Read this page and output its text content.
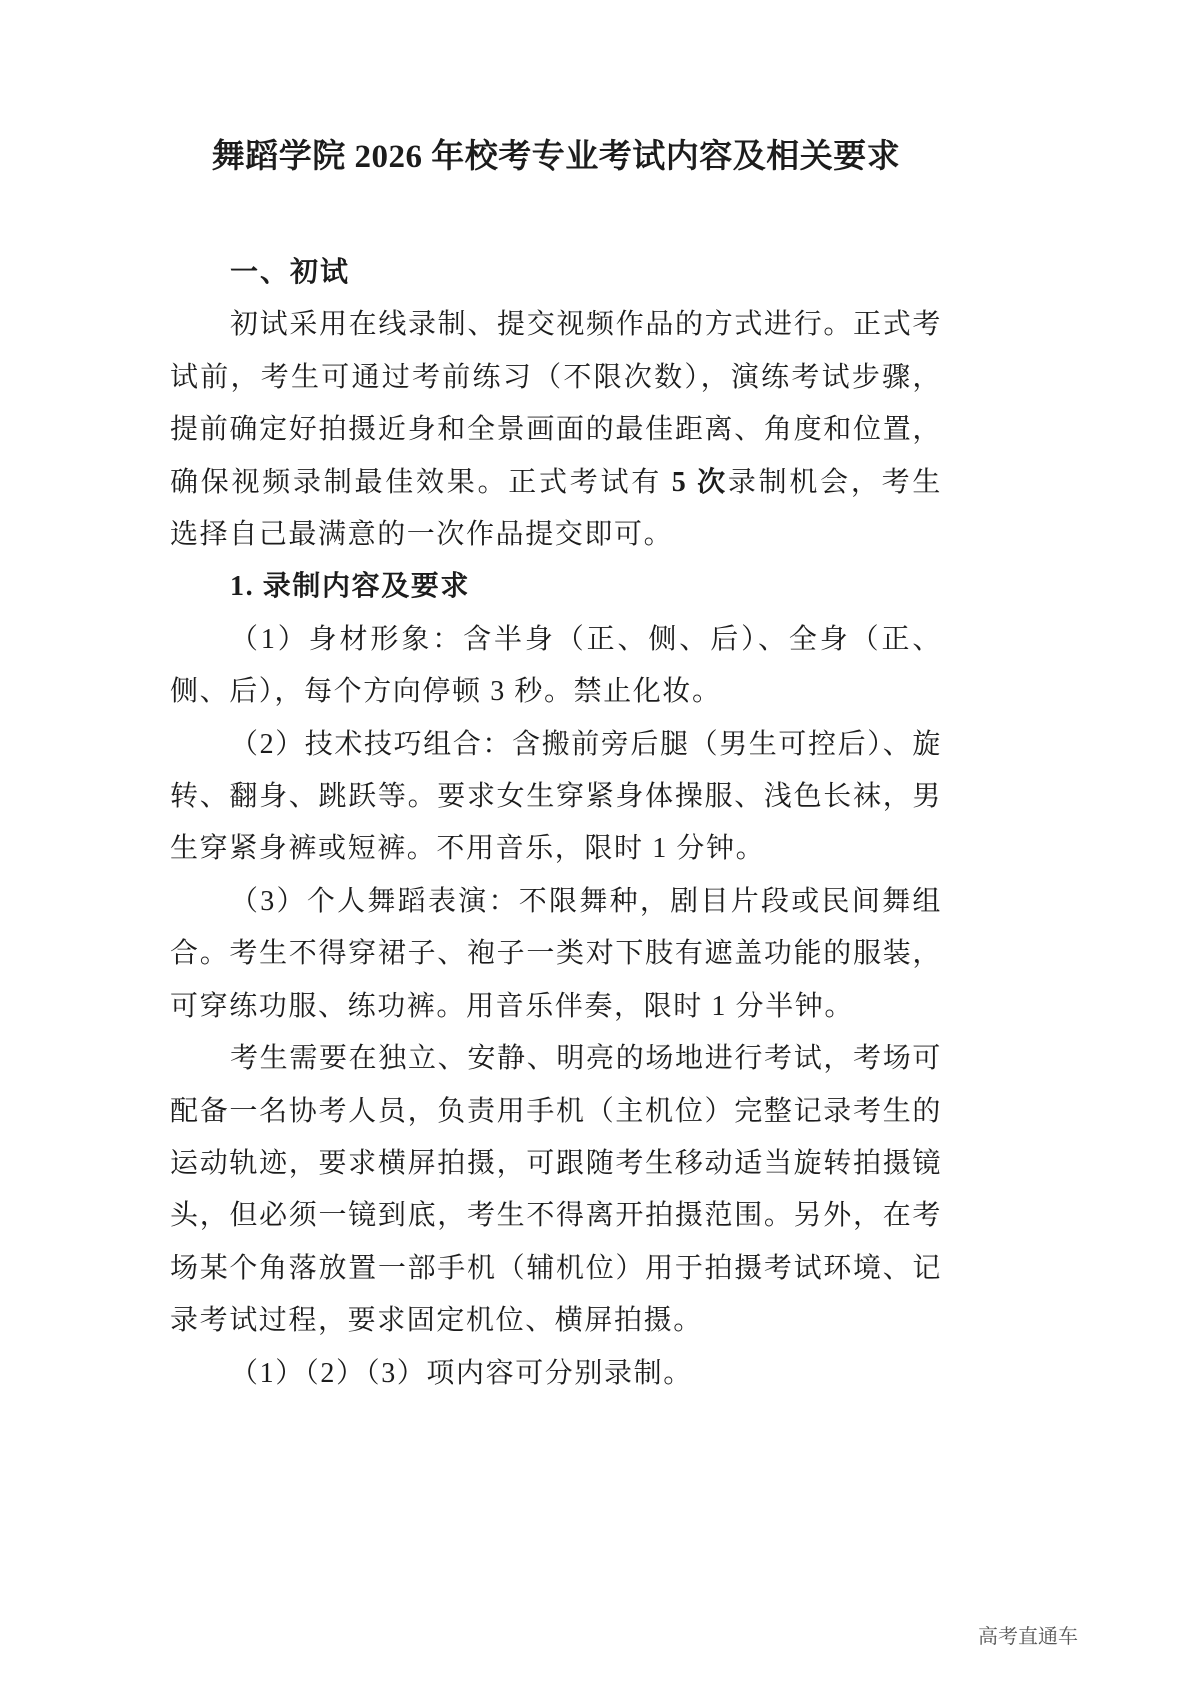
舞蹈学院 2026 年校考专业考试内容及相关要求

一、初试

初试采用在线录制、提交视频作品的方式进行。正式考试前，考生可通过考前练习（不限次数），演练考试步骤，提前确定好拍摄近身和全景画面的最佳距离、角度和位置，确保视频录制最佳效果。正式考试有 5 次录制机会，考生选择自己最满意的一次作品提交即可。

1. 录制内容及要求

（1）身材形象：含半身（正、侧、后）、全身（正、侧、后），每个方向停顿 3 秒。禁止化妆。

（2）技术技巧组合：含搬前旁后腿（男生可控后）、旋转、翻身、跳跃等。要求女生穿紧身体操服、浅色长袜，男生穿紧身裤或短裤。不用音乐，限时 1 分钟。

（3）个人舞蹈表演：不限舞种，剧目片段或民间舞组合。考生不得穿裙子、袍子一类对下肢有遮盖功能的服装，可穿练功服、练功裤。用音乐伴奏，限时 1 分半钟。

考生需要在独立、安静、明亮的场地进行考试，考场可配备一名协考人员，负责用手机（主机位）完整记录考生的运动轨迹，要求横屏拍摄，可跟随考生移动适当旋转拍摄镜头，但必须一镜到底，考生不得离开拍摄范围。另外，在考场某个角落放置一部手机（辅机位）用于拍摄考试环境、记录考试过程，要求固定机位、横屏拍摄。

（1）（2）（3）项内容可分别录制。

高考直通车
